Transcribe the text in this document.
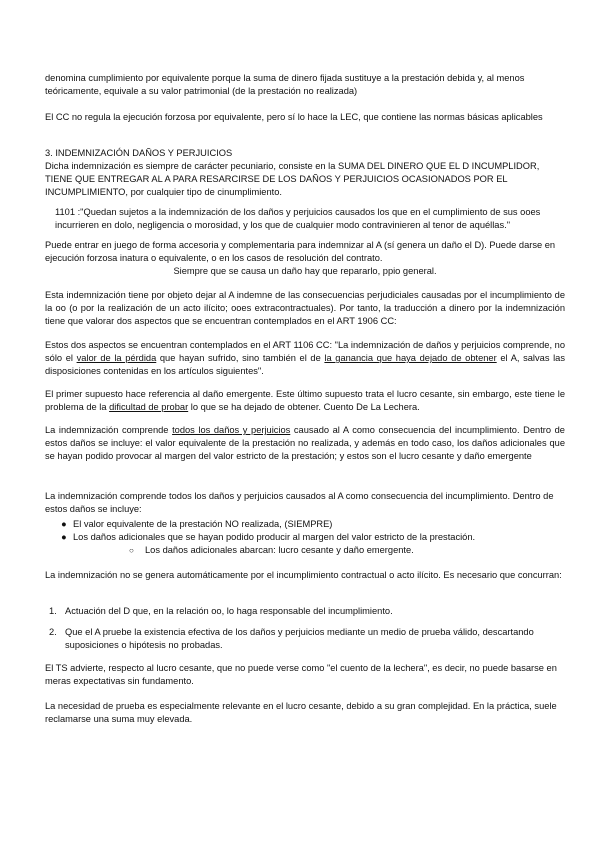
denomina cumplimiento por equivalente porque la suma de dinero fijada sustituye a la prestación debida y, al menos teóricamente, equivale a su valor patrimonial (de la prestación no realizada)

El CC no regula la ejecución forzosa por equivalente, pero sí lo hace la LEC, que contiene las normas básicas aplicables

3. INDEMNIZACIÓN DAÑOS Y PERJUICIOS

Dicha indemnización es siempre de carácter pecuniario, consiste en la SUMA DEL DINERO QUE EL D INCUMPLIDOR, TIENE QUE ENTREGAR AL A PARA RESARCIRSE DE LOS DAÑOS Y PERJUICIOS OCASIONADOS POR EL INCUMPLIMIENTO, por cualquier tipo de cinumplimiento.

1101 :"Quedan sujetos a la indemnización de los daños y perjuicios causados los que en el cumplimiento de sus ooes incurrieren en dolo, negligencia o morosidad, y los que de cualquier modo contravinieren al tenor de aquéllas."

Puede entrar en juego de forma accesoria y complementaria para indemnizar al A (sí genera un daño el D). Puede darse en ejecución forzosa inatura o equivalente, o en los casos de resolución del contrato.

Siempre que se causa un daño hay que repararlo, ppio general.

Esta indemnización tiene por objeto dejar al A indemne de las consecuencias perjudiciales causadas por el incumplimiento de la oo (o por la realización de un acto ilícito; ooes extracontractuales). Por tanto, la traducción a dinero por la indemnización tiene que valorar dos aspectos que se encuentran contemplados en el ART 1906 CC:

Estos dos aspectos se encuentran contemplados en el ART 1106 CC: "La indemnización de daños y perjuicios comprende, no sólo el valor de la pérdida que hayan sufrido, sino también el de la ganancia que haya dejado de obtener el A, salvas las disposiciones contenidas en los artículos siguientes".

El primer supuesto hace referencia al daño emergente. Este último supuesto trata el lucro cesante, sin embargo, este tiene le problema de la dificultad de probar lo que se ha dejado de obtener. Cuento De La Lechera.

La indemnización comprende todos los daños y perjuicios causado al A como consecuencia del incumplimiento. Dentro de estos daños se incluye: el valor equivalente de la prestación no realizada, y además en todo caso, los daños adicionales que se hayan podido provocar al margen del valor estricto de la prestación; y estos son el lucro cesante y daño emergente

La indemnización comprende todos los daños y perjuicios causados al A como consecuencia del incumplimiento. Dentro de estos daños se incluye:

● El valor equivalente de la prestación NO realizada, (SIEMPRE)
● Los daños adicionales que se hayan podido producir al margen del valor estricto de la prestación.
○ Los daños adicionales abarcan: lucro cesante y daño emergente.

La indemnización no se genera automáticamente por el incumplimiento contractual o acto ilícito. Es necesario que concurran:

1. Actuación del D que, en la relación oo, lo haga responsable del incumplimiento.
2. Que el A pruebe la existencia efectiva de los daños y perjuicios mediante un medio de prueba válido, descartando suposiciones o hipótesis no probadas.

El TS advierte, respecto al lucro cesante, que no puede verse como "el cuento de la lechera", es decir, no puede basarse en meras expectativas sin fundamento.

La necesidad de prueba es especialmente relevante en el lucro cesante, debido a su gran complejidad. En la práctica, suele reclamarse una suma muy elevada.
